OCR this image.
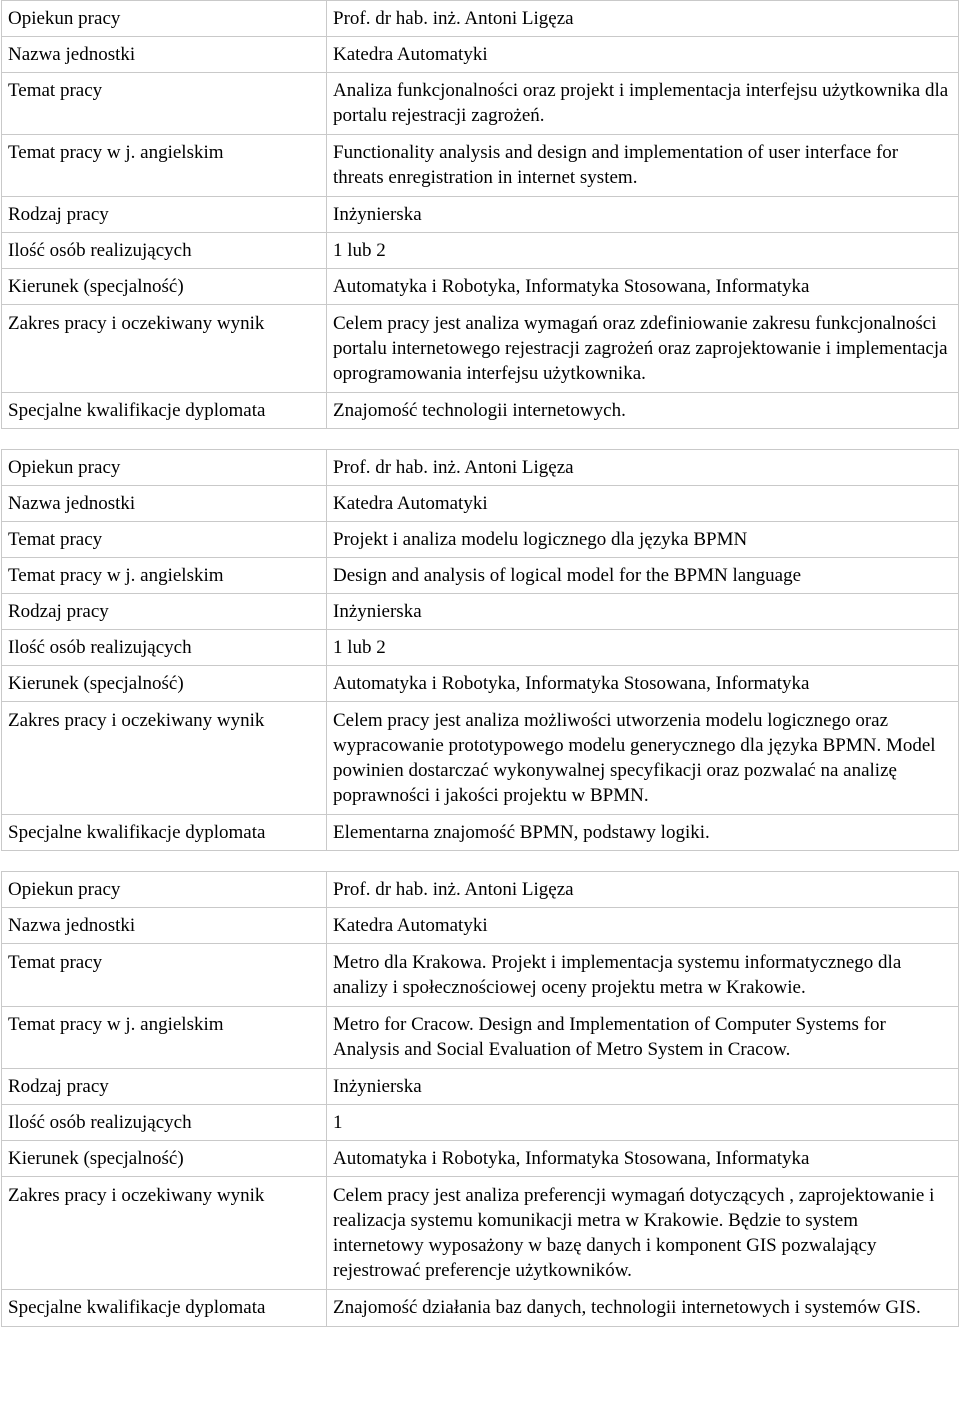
Opiekun pracy	Prof. dr hab. inż. Antoni Ligęza
Nazwa jednostki	Katedra Automatyki
Temat pracy	Analiza funkcjonalności oraz projekt i implementacja interfejsu użytkownika dla portalu rejestracji zagrożeń.
Temat pracy w j. angielskim	Functionality analysis and design and implementation of user interface for threats enregistration in internet system.
Rodzaj pracy	Inżynierska
Ilość osób realizujących	1 lub 2
Kierunek (specjalność)	Automatyka i Robotyka, Informatyka Stosowana, Informatyka
Zakres pracy i oczekiwany wynik	Celem pracy jest analiza wymagań oraz zdefiniowanie zakresu funkcjonalności portalu internetowego rejestracji zagrożeń oraz zaprojektowanie i implementacja oprogramowania interfejsu użytkownika.
Specjalne kwalifikacje dyplomata	Znajomość technologii internetowych.
Opiekun pracy	Prof. dr hab. inż. Antoni Ligęza
Nazwa jednostki	Katedra Automatyki
Temat pracy	Projekt i analiza modelu logicznego dla języka BPMN
Temat pracy w j. angielskim	Design and analysis of logical model for the BPMN language
Rodzaj pracy	Inżynierska
Ilość osób realizujących	1 lub 2
Kierunek (specjalność)	Automatyka i Robotyka, Informatyka Stosowana, Informatyka
Zakres pracy i oczekiwany wynik	Celem pracy jest analiza możliwości utworzenia modelu logicznego oraz wypracowanie prototypowego modelu generycznego dla języka BPMN. Model powinien dostarczać wykonywalnej specyfikacji oraz pozwalać na analizę poprawności i jakości projektu w BPMN.
Specjalne kwalifikacje dyplomata	Elementarna znajomość BPMN, podstawy logiki.
Opiekun pracy	Prof. dr hab. inż. Antoni Ligęza
Nazwa jednostki	Katedra Automatyki
Temat pracy	Metro dla Krakowa. Projekt i implementacja systemu informatycznego dla analizy i społecznościowej oceny projektu metra w Krakowie.
Temat pracy w j. angielskim	Metro for Cracow. Design and Implementation of Computer Systems for Analysis and Social Evaluation of Metro System in Cracow.
Rodzaj pracy	Inżynierska
Ilość osób realizujących	1
Kierunek (specjalność)	Automatyka i Robotyka, Informatyka Stosowana, Informatyka
Zakres pracy i oczekiwany wynik	Celem pracy jest analiza preferencji wymagań dotyczących , zaprojektowanie i realizacja systemu komunikacji metra w Krakowie. Będzie to system internetowy wyposażony w bazę danych i komponent GIS pozwalający rejestrować preferencje użytkowników.
Specjalne kwalifikacje dyplomata	Znajomość działania baz danych, technologii internetowych i systemów GIS.
